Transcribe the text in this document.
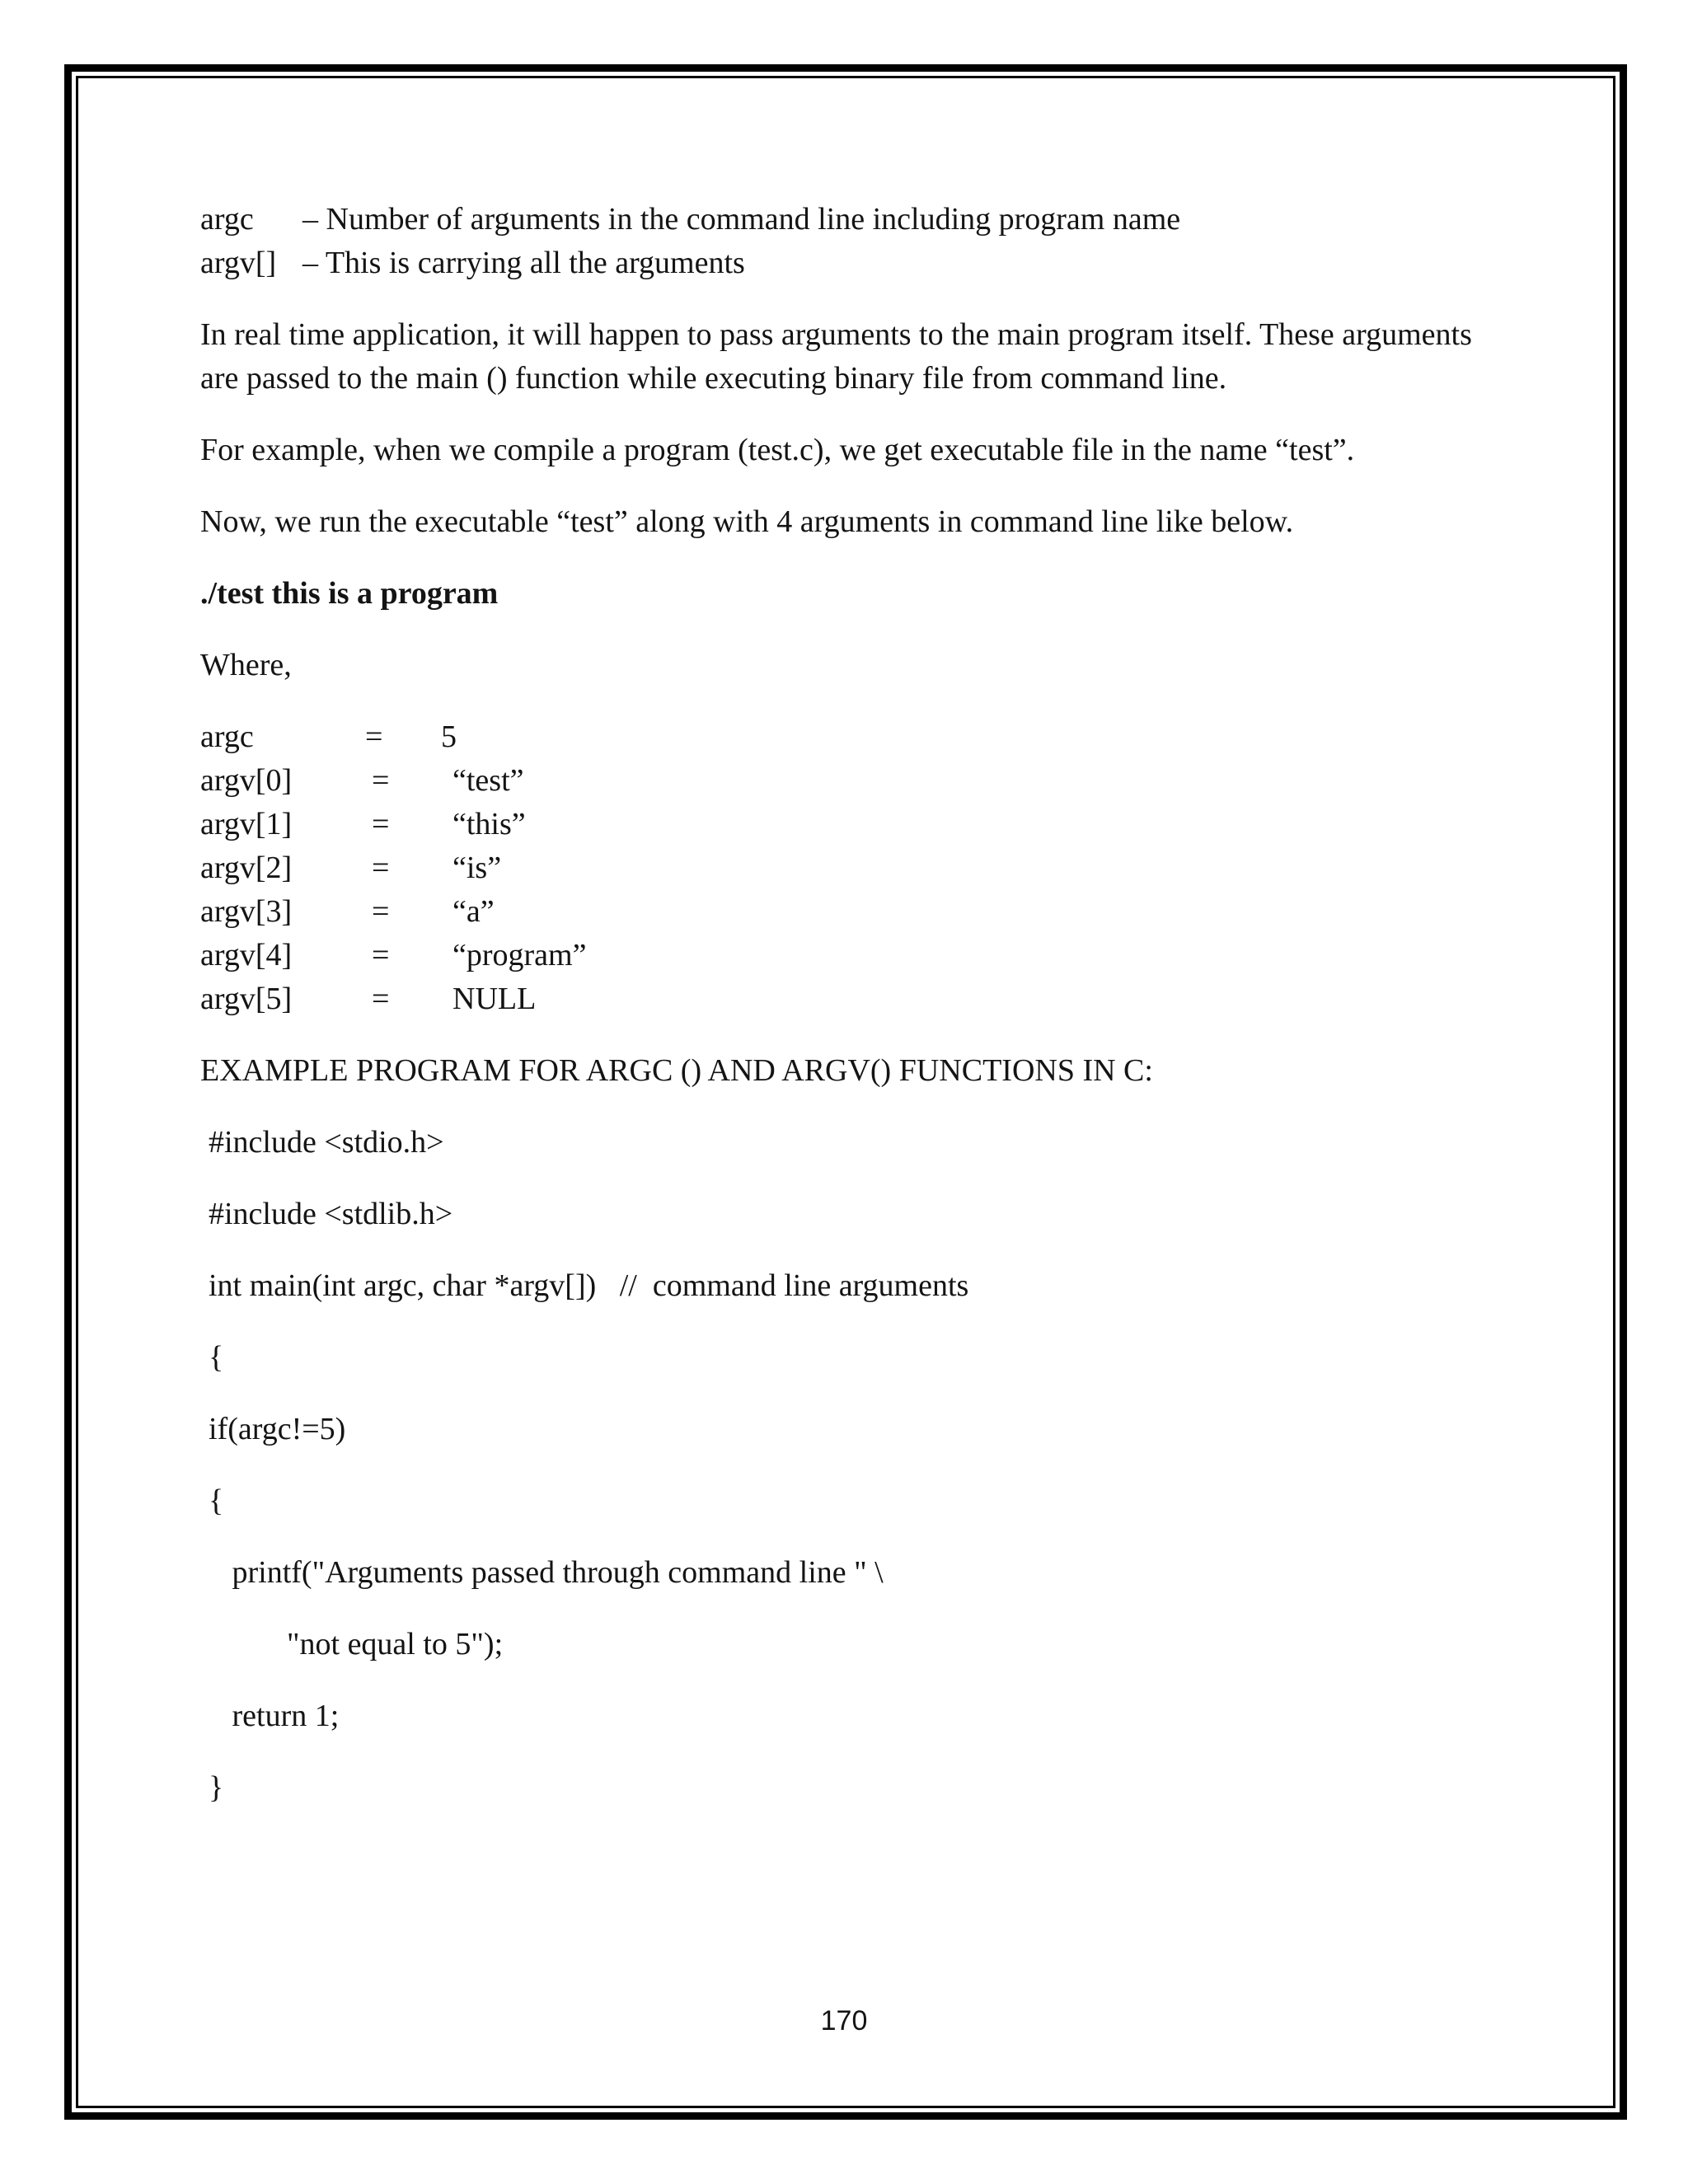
argc	– Number of arguments in the command line including program name
argv[] – This is carrying all the arguments

In real time application, it will happen to pass arguments to the main program itself. These arguments are passed to the main () function while executing binary file from command line.

For example, when we compile a program (test.c), we get executable file in the name “test”.

Now, we run the executable “test” along with 4 arguments in command line like below.

./test this is a program

Where,

argc	=	5
argv[0]	=	“test”
argv[1]	=	“this”
argv[2]	=	“is”
argv[3]	=	“a”
argv[4]	=	“program”
argv[5]	=	NULL

EXAMPLE PROGRAM FOR ARGC () AND ARGV() FUNCTIONS IN C:

#include <stdio.h>
#include <stdlib.h>
int main(int argc, char *argv[])   //  command line arguments
{
if(argc!=5)
{
printf("Arguments passed through command line " \
"not equal to 5");
return 1;
}
170
